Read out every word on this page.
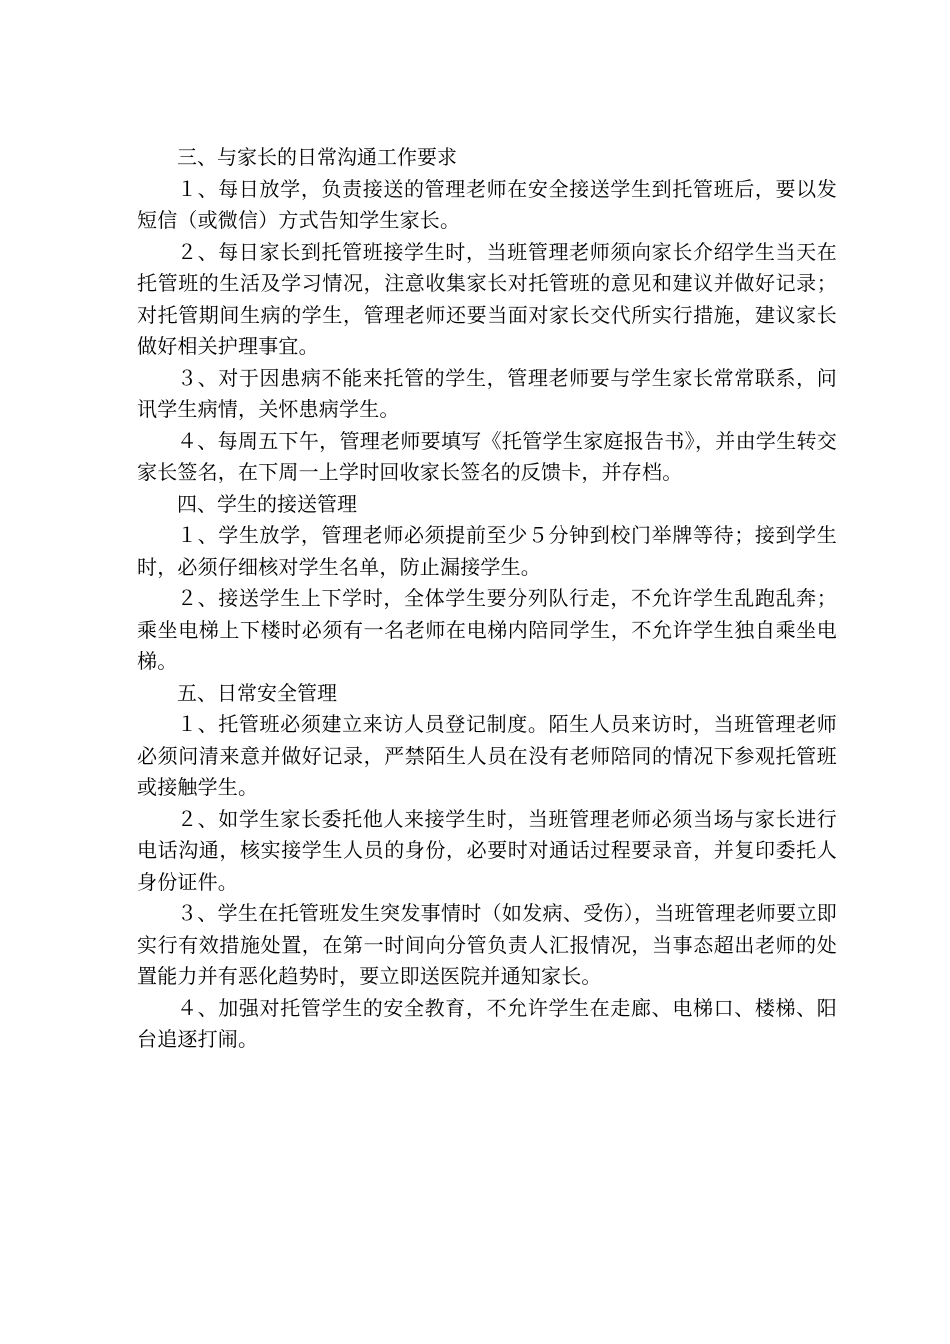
三、与家长的日常沟通工作要求

１、每日放学，负责接送的管理老师在安全接送学生到托管班后，要以发短信（或微信）方式告知学生家长。

２、每日家长到托管班接学生时，当班管理老师须向家长介绍学生当天在托管班的生活及学习情况，注意收集家长对托管班的意见和建议并做好记录；对托管期间生病的学生，管理老师还要当面对家长交代所实行措施，建议家长做好相关护理事宜。

３、对于因患病不能来托管的学生，管理老师要与学生家长常常联系，问讯学生病情，关怀患病学生。

４、每周五下午，管理老师要填写《托管学生家庭报告书》，并由学生转交家长签名，在下周一上学时回收家长签名的反馈卡，并存档。

四、学生的接送管理

１、学生放学，管理老师必须提前至少５分钟到校门举牌等待；接到学生时，必须仔细核对学生名单，防止漏接学生。

２、接送学生上下学时，全体学生要分列队行走，不允许学生乱跑乱奔；乘坐电梯上下楼时必须有一名老师在电梯内陪同学生，不允许学生独自乘坐电梯。

五、日常安全管理

１、托管班必须建立来访人员登记制度。陌生人员来访时，当班管理老师必须问清来意并做好记录，严禁陌生人员在没有老师陪同的情况下参观托管班或接触学生。

２、如学生家长委托他人来接学生时，当班管理老师必须当场与家长进行电话沟通，核实接学生人员的身份，必要时对通话过程要录音，并复印委托人身份证件。

３、学生在托管班发生突发事情时（如发病、受伤），当班管理老师要立即实行有效措施处置，在第一时间向分管负责人汇报情况，当事态超出老师的处置能力并有恶化趋势时，要立即送医院并通知家长。

４、加强对托管学生的安全教育，不允许学生在走廊、电梯口、楼梯、阳台追逐打闹。
